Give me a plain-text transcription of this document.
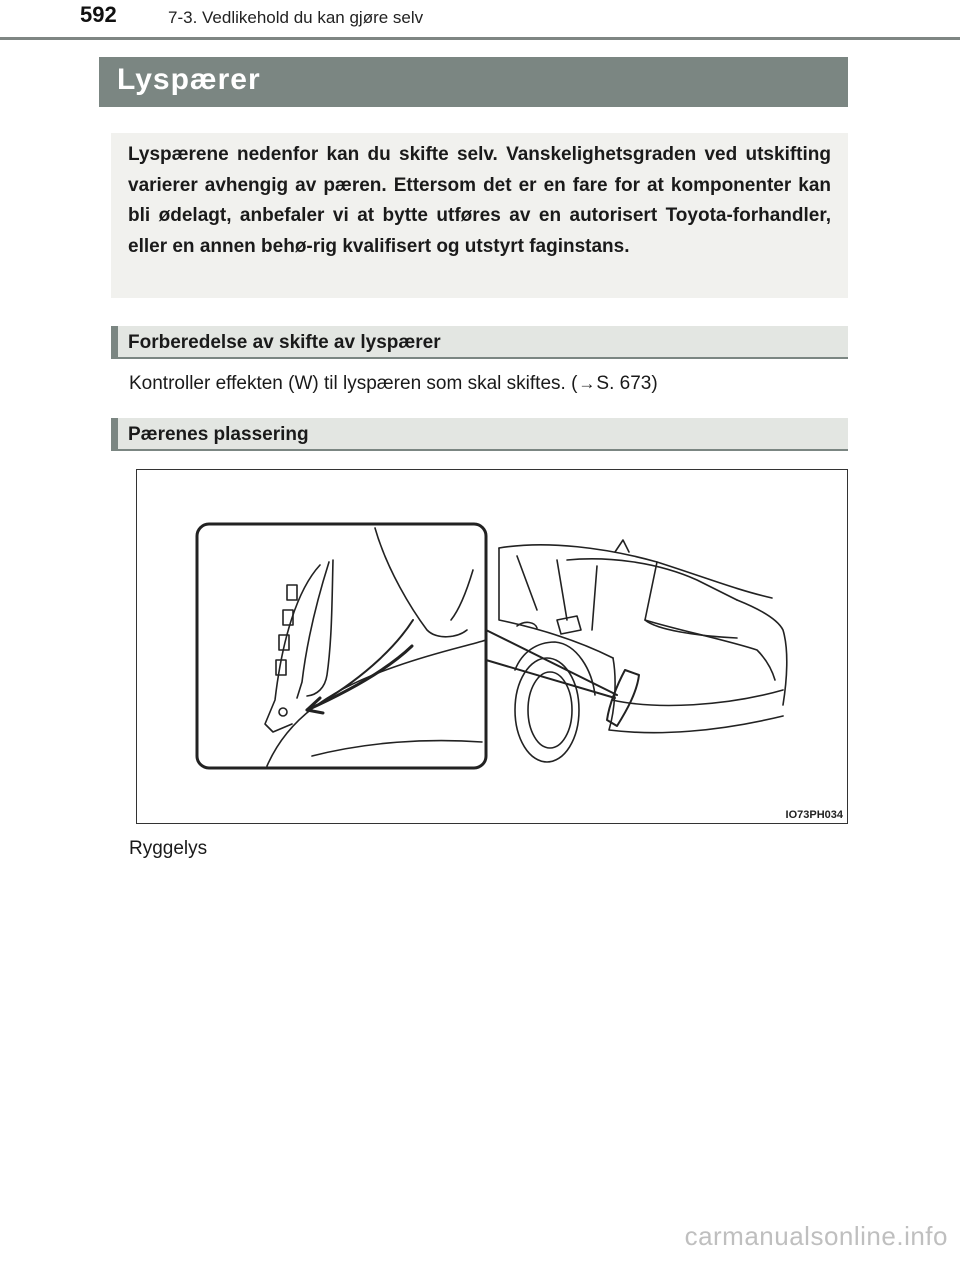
592	7-3. Vedlikehold du kan gjøre selv
Lyspærer
Lyspærene nedenfor kan du skifte selv. Vanskelighetsgraden ved utskifting varierer avhengig av pæren. Ettersom det er en fare for at komponenter kan bli ødelagt, anbefaler vi at bytte utføres av en autorisert Toyota-forhandler, eller en annen behø-rig kvalifisert og utstyrt faginstans.
Forberedelse av skifte av lyspærer
Kontroller effekten (W) til lyspæren som skal skiftes. (→S. 673)
Pærenes plassering
IO73PH034
Ryggelys
carmanualsonline.info
